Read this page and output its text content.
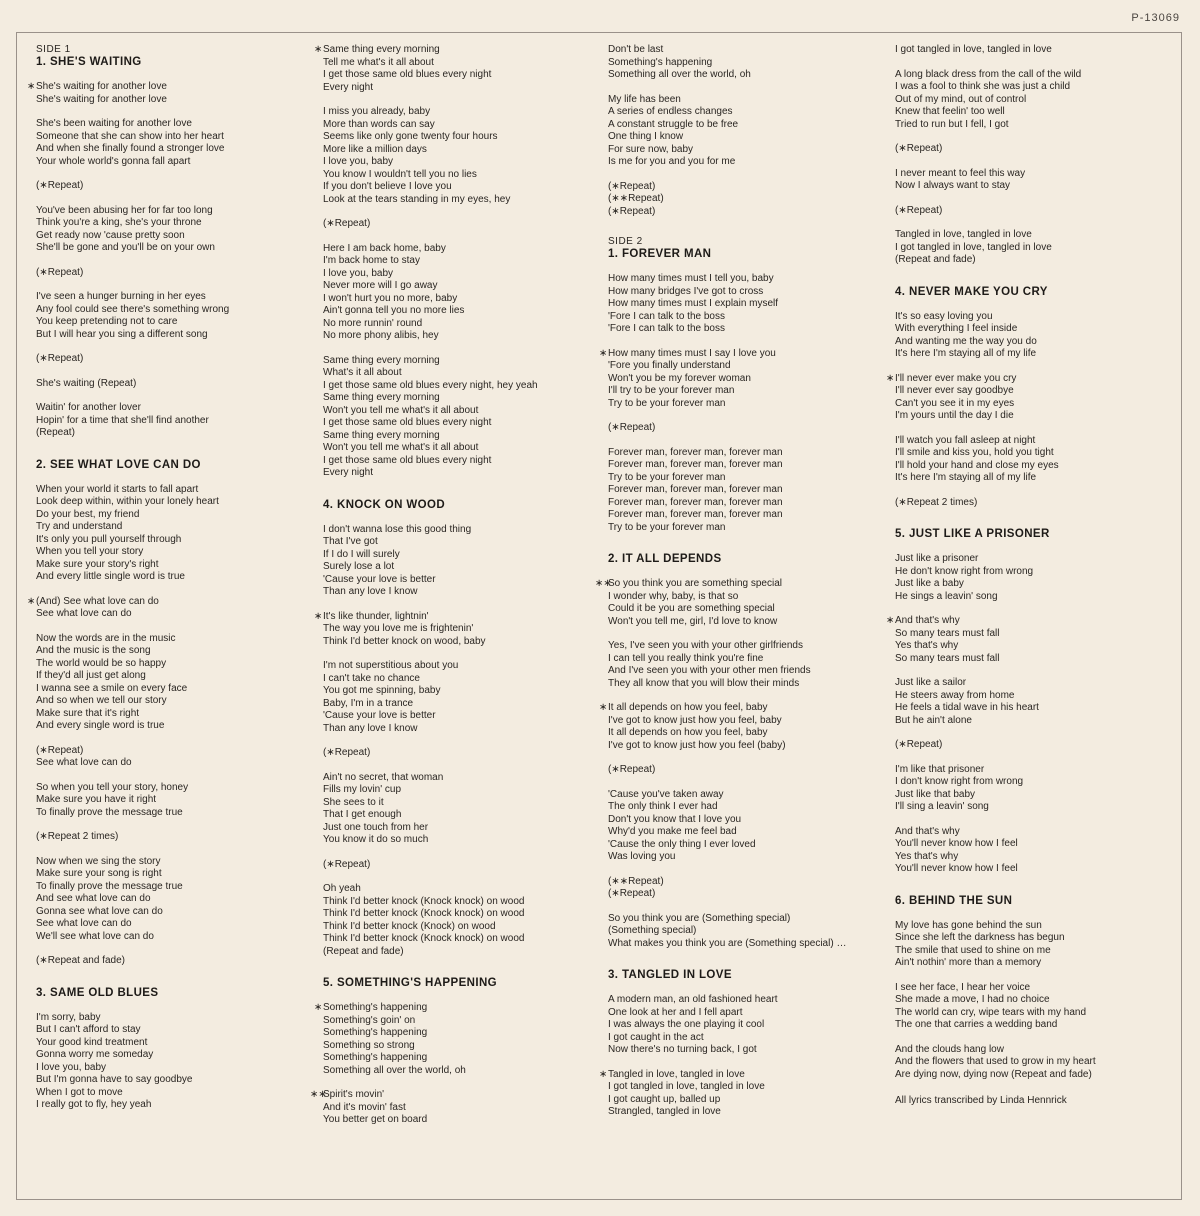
P-13069
SIDE 1
1. SHE'S WAITING
She's waiting for another love
∗
She's waiting for another love
She's been waiting for another love
Someone that she can show into her heart
And when she finally found a stronger love
Your whole world's gonna fall apart
(∗Repeat)
You've been abusing her for far too long
Think you're a king, she's your throne
Get ready now 'cause pretty soon
She'll be gone and you'll be on your own
(∗Repeat)
I've seen a hunger burning in her eyes
Any fool could see there's something wrong
You keep pretending not to care
But I will hear you sing a different song
(∗Repeat)
She's waiting (Repeat)
Waitin' for another lover
Hopin' for a time that she'll find another
(Repeat)
2. SEE WHAT LOVE CAN DO
When your world it starts to fall apart
Look deep within, within your lonely heart
Do your best, my friend
Try and understand
It's only you pull yourself through
When you tell your story
Make sure your story's right
And every little single word is true
(And) See what love can do
∗
See what love can do
Now the words are in the music
And the music is the song
The world would be so happy
If they'd all just get along
I wanna see a smile on every face
And so when we tell our story
Make sure that it's right
And every single word is true
(∗Repeat)
See what love can do
So when you tell your story, honey
Make sure you have it right
To finally prove the message true
(∗Repeat 2 times)
Now when we sing the story
Make sure your song is right
To finally prove the message true
And see what love can do
Gonna see what love can do
See what love can do
We'll see what love can do
(∗Repeat and fade)
3. SAME OLD BLUES
I'm sorry, baby
But I can't afford to stay
Your good kind treatment
Gonna worry me someday
I love you, baby
But I'm gonna have to say goodbye
When I got to move
I really got to fly, hey yeah
Same thing every morning
∗
Tell me what's it all about
I get those same old blues every night
Every night
I miss you already, baby
More than words can say
Seems like only gone twenty four hours
More like a million days
I love you, baby
You know I wouldn't tell you no lies
If you don't believe I love you
Look at the tears standing in my eyes, hey
(∗Repeat)
Here I am back home, baby
I'm back home to stay
I love you, baby
Never more will I go away
I won't hurt you no more, baby
Ain't gonna tell you no more lies
No more runnin' round
No more phony alibis, hey
Same thing every morning
What's it all about
I get those same old blues every night, hey yeah
Same thing every morning
Won't you tell me what's it all about
I get those same old blues every night
Same thing every morning
Won't you tell me what's it all about
I get those same old blues every night
Every night
4. KNOCK ON WOOD
I don't wanna lose this good thing
That I've got
If I do I will surely
Surely lose a lot
'Cause your love is better
Than any love I know
It's like thunder, lightnin'
∗
The way you love me is frightenin'
Think I'd better knock on wood, baby
I'm not superstitious about you
I can't take no chance
You got me spinning, baby
Baby, I'm in a trance
'Cause your love is better
Than any love I know
(∗Repeat)
Ain't no secret, that woman
Fills my lovin' cup
She sees to it
That I get enough
Just one touch from her
You know it do so much
(∗Repeat)
Oh yeah
Think I'd better knock (Knock knock) on wood
Think I'd better knock (Knock knock) on wood
Think I'd better knock (Knock) on wood
Think I'd better knock (Knock knock) on wood
(Repeat and fade)
5. SOMETHING'S HAPPENING
Something's happening
∗
Something's goin' on
Something's happening
Something so strong
Something's happening
Something all over the world, oh
Spirit's movin'
∗∗
And it's movin' fast
You better get on board
Don't be last
Something's happening
Something all over the world, oh
My life has been
A series of endless changes
A constant struggle to be free
One thing I know
For sure now, baby
Is me for you and you for me
(∗Repeat)
(∗∗Repeat)
(∗Repeat)
SIDE 2
1. FOREVER MAN
How many times must I tell you, baby
How many bridges I've got to cross
How many times must I explain myself
'Fore I can talk to the boss
'Fore I can talk to the boss
How many times must I say I love you
∗
'Fore you finally understand
Won't you be my forever woman
I'll try to be your forever man
Try to be your forever man
(∗Repeat)
Forever man, forever man, forever man
Forever man, forever man, forever man
Try to be your forever man
Forever man, forever man, forever man
Forever man, forever man, forever man
Forever man, forever man, forever man
Try to be your forever man
2. IT ALL DEPENDS
So you think you are something special
∗∗
I wonder why, baby, is that so
Could it be you are something special
Won't you tell me, girl, I'd love to know
Yes, I've seen you with your other girlfriends
I can tell you really think you're fine
And I've seen you with your other men friends
They all know that you will blow their minds
It all depends on how you feel, baby
∗
I've got to know just how you feel, baby
It all depends on how you feel, baby
I've got to know just how you feel (baby)
(∗Repeat)
'Cause you've taken away
The only think I ever had
Don't you know that I love you
Why'd you make me feel bad
'Cause the only thing I ever loved
Was loving you
(∗∗Repeat)
(∗Repeat)
So you think you are (Something special)
(Something special)
What makes you think you are (Something special) …
3. TANGLED IN LOVE
A modern man, an old fashioned heart
One look at her and I fell apart
I was always the one playing it cool
I got caught in the act
Now there's no turning back, I got
Tangled in love, tangled in love
∗
I got tangled in love, tangled in love
I got caught up, balled up
Strangled, tangled in love
I got tangled in love, tangled in love
A long black dress from the call of the wild
I was a fool to think she was just a child
Out of my mind, out of control
Knew that feelin' too well
Tried to run but I fell, I got
(∗Repeat)
I never meant to feel this way
Now I always want to stay
(∗Repeat)
Tangled in love, tangled in love
I got tangled in love, tangled in love
(Repeat and fade)
4. NEVER MAKE YOU CRY
It's so easy loving you
With everything I feel inside
And wanting me the way you do
It's here I'm staying all of my life
I'll never ever make you cry
∗
I'll never ever say goodbye
Can't you see it in my eyes
I'm yours until the day I die
I'll watch you fall asleep at night
I'll smile and kiss you, hold you tight
I'll hold your hand and close my eyes
It's here I'm staying all of my life
(∗Repeat 2 times)
5. JUST LIKE A PRISONER
Just like a prisoner
He don't know right from wrong
Just like a baby
He sings a leavin' song
And that's why
∗
So many tears must fall
Yes that's why
So many tears must fall
Just like a sailor
He steers away from home
He feels a tidal wave in his heart
But he ain't alone
(∗Repeat)
I'm like that prisoner
I don't know right from wrong
Just like that baby
I'll sing a leavin' song
And that's why
You'll never know how I feel
Yes that's why
You'll never know how I feel
6. BEHIND THE SUN
My love has gone behind the sun
Since she left the darkness has begun
The smile that used to shine on me
Ain't nothin' more than a memory
I see her face, I hear her voice
She made a move, I had no choice
The world can cry, wipe tears with my hand
The one that carries a wedding band
And the clouds hang low
And the flowers that used to grow in my heart
Are dying now, dying now (Repeat and fade)
All lyrics transcribed by Linda Hennrick
